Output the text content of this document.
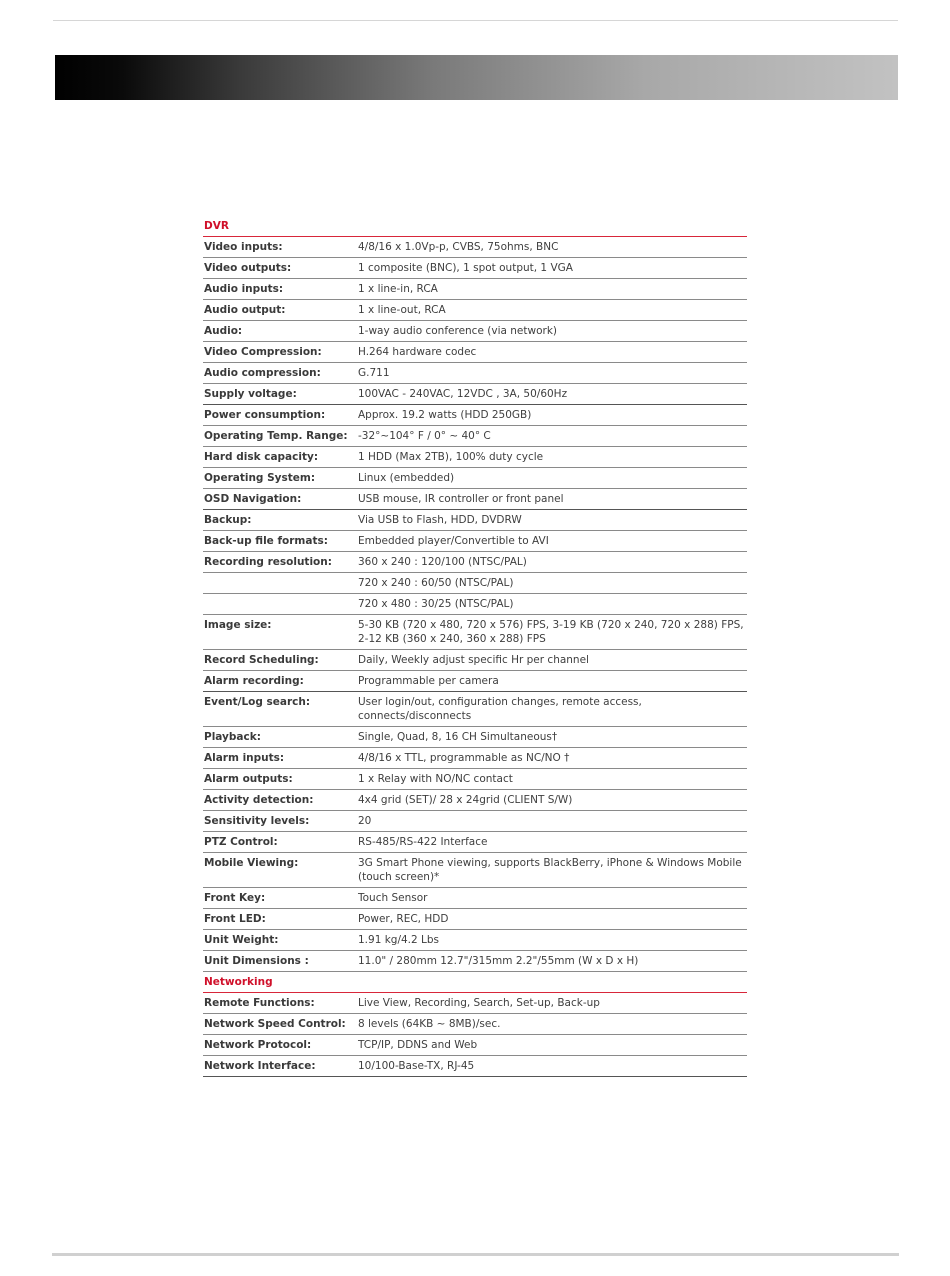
DVR
Video inputs:	4/8/16 x 1.0Vp-p, CVBS, 75ohms, BNC
Video outputs:	1 composite (BNC), 1 spot output, 1 VGA
Audio inputs:	1 x line-in, RCA
Audio output:	1 x line-out, RCA
Audio:	1-way audio conference (via network)
Video Compression:	H.264 hardware codec
Audio compression:	G.711
Supply voltage:	100VAC - 240VAC, 12VDC , 3A, 50/60Hz
Power consumption:	Approx. 19.2 watts (HDD 250GB)
Operating Temp. Range: -32°~104° F / 0° ~ 40° C
Hard disk capacity:	1 HDD (Max 2TB), 100% duty cycle
Operating System:	Linux (embedded)
OSD Navigation:	USB mouse, IR controller or front panel
Backup:	Via USB to Flash, HDD, DVDRW
Back-up file formats:	Embedded player/Convertible to AVI
Recording resolution:	360 x 240 : 120/100 (NTSC/PAL)
720 x 240 : 60/50 (NTSC/PAL)
720 x 480 : 30/25 (NTSC/PAL)
Image size:	5-30 KB (720 x 480, 720 x 576) FPS, 3-19 KB (720 x 240, 720 x 288) FPS, 2-12 KB (360 x 240, 360 x 288) FPS
Record Scheduling:	Daily, Weekly adjust specific Hr per channel
Alarm recording:	Programmable per camera
Event/Log search:	User login/out, configuration changes, remote access, connects/disconnects
Playback:	Single, Quad, 8, 16 CH Simultaneous†
Alarm inputs:	4/8/16 x TTL, programmable as NC/NO †
Alarm outputs:	1 x Relay with NO/NC contact
Activity detection:	4x4 grid (SET)/ 28 x 24grid (CLIENT S/W)
Sensitivity levels:	20
PTZ Control:	RS-485/RS-422 Interface
Mobile Viewing:	3G Smart Phone viewing, supports BlackBerry, iPhone & Windows Mobile (touch screen)*
Front Key:	Touch Sensor
Front LED:	Power, REC, HDD
Unit Weight:	1.91 kg/4.2 Lbs
Unit Dimensions :	11.0" / 280mm 12.7"/315mm 2.2"/55mm (W x D x H)
Networking
Remote Functions:	Live View, Recording, Search, Set-up, Back-up
Network Speed Control:	8 levels (64KB ~ 8MB)/sec.
Network Protocol:	TCP/IP, DDNS and Web
Network Interface:	10/100-Base-TX, RJ-45
